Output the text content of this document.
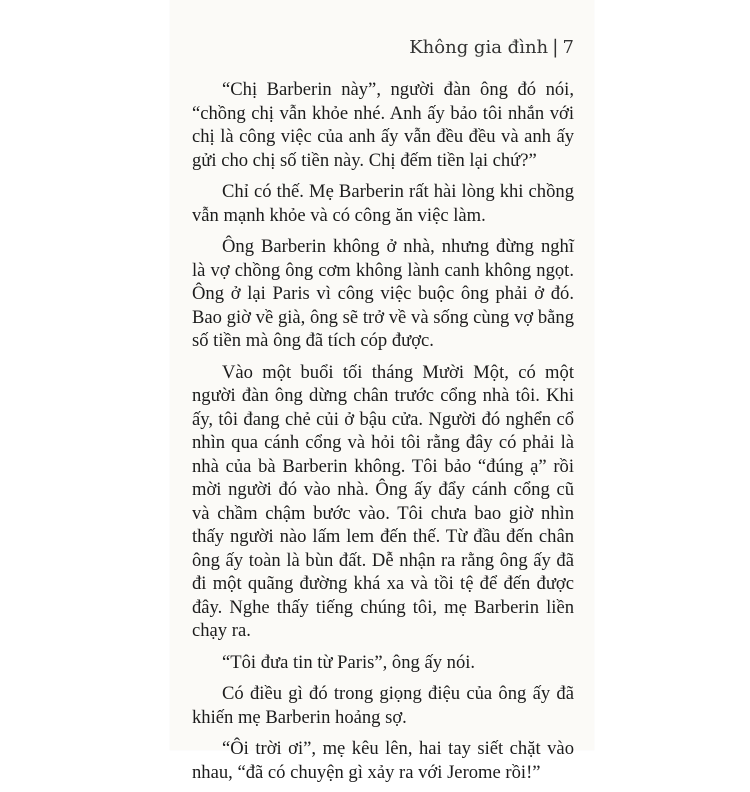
Không gia đình | 7

“Chị Barberin này”, người đàn ông đó nói, “chồng chị vẫn khỏe nhé. Anh ấy bảo tôi nhắn với chị là công việc của anh ấy vẫn đều đều và anh ấy gửi cho chị số tiền này. Chị đếm tiền lại chứ?”

Chỉ có thế. Mẹ Barberin rất hài lòng khi chồng vẫn mạnh khỏe và có công ăn việc làm.

Ông Barberin không ở nhà, nhưng đừng nghĩ là vợ chồng ông cơm không lành canh không ngọt. Ông ở lại Paris vì công việc buộc ông phải ở đó. Bao giờ về già, ông sẽ trở về và sống cùng vợ bằng số tiền mà ông đã tích cóp được.

Vào một buổi tối tháng Mười Một, có một người đàn ông dừng chân trước cổng nhà tôi. Khi ấy, tôi đang chẻ củi ở bậu cửa. Người đó nghển cổ nhìn qua cánh cổng và hỏi tôi rằng đây có phải là nhà của bà Barberin không. Tôi bảo “đúng ạ” rồi mời người đó vào nhà. Ông ấy đẩy cánh cổng cũ và chầm chậm bước vào. Tôi chưa bao giờ nhìn thấy người nào lấm lem đến thế. Từ đầu đến chân ông ấy toàn là bùn đất. Dễ nhận ra rằng ông ấy đã đi một quãng đường khá xa và tồi tệ để đến được đây. Nghe thấy tiếng chúng tôi, mẹ Barberin liền chạy ra.

“Tôi đưa tin từ Paris”, ông ấy nói.

Có điều gì đó trong giọng điệu của ông ấy đã khiến mẹ Barberin hoảng sợ.

“Ôi trời ơi”, mẹ kêu lên, hai tay siết chặt vào nhau, “đã có chuyện gì xảy ra với Jerome rồi!”
